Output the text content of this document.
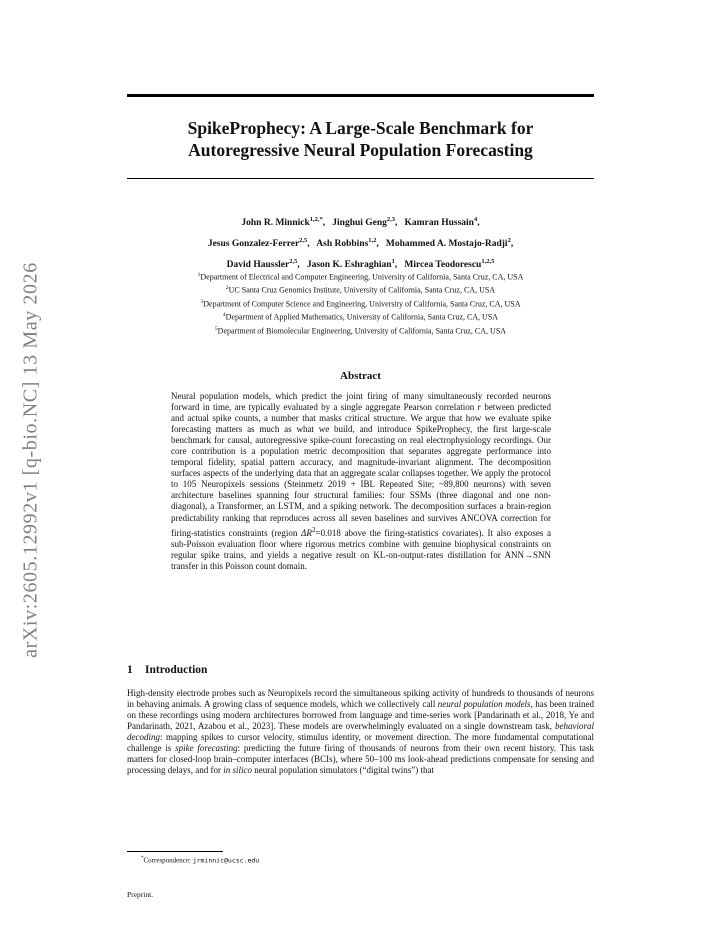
arXiv:2605.12992v1 [q-bio.NC] 13 May 2026
SpikeProphecy: A Large-Scale Benchmark for
Autoregressive Neural Population Forecasting
John R. Minnick$^{1,2,*}$,   Jinghui Geng$^{2,3}$,   Kamran Hussain$^4$,
Jesus Gonzalez-Ferrer$^{2,5}$,   Ash Robbins$^{1,2}$,   Mohammed A. Mostajo-Radji$^2$,
David Haussler$^{2,5}$,   Jason K. Eshraghian$^1$,   Mircea Teodorescu$^{1,2,5}$
$^1$Department of Electrical and Computer Engineering, University of California, Santa Cruz, CA, USA
$^2$UC Santa Cruz Genomics Institute, University of California, Santa Cruz, CA, USA
$^3$Department of Computer Science and Engineering, University of California, Santa Cruz, CA, USA
$^4$Department of Applied Mathematics, University of California, Santa Cruz, CA, USA
$^5$Department of Biomolecular Engineering, University of California, Santa Cruz, CA, USA
Abstract
Neural population models, which predict the joint firing of many simultaneously recorded neurons forward in time, are typically evaluated by a single aggregate Pearson correlation r between predicted and actual spike counts, a number that masks critical structure. We argue that how we evaluate spike forecasting matters as much as what we build, and introduce SpikeProphecy, the first large-scale benchmark for causal, autoregressive spike-count forecasting on real electrophysiology recordings. Our core contribution is a population metric decomposition that separates aggregate performance into temporal fidelity, spatial pattern accuracy, and magnitude-invariant alignment. The decomposition surfaces aspects of the underlying data that an aggregate scalar collapses together. We apply the protocol to 105 Neuropixels sessions (Steinmetz 2019 + IBL Repeated Site; ~89,800 neurons) with seven architecture baselines spanning four structural families: four SSMs (three diagonal and one non-diagonal), a Transformer, an LSTM, and a spiking network. The decomposition surfaces a brain-region predictability ranking that reproduces across all seven baselines and survives ANCOVA correction for firing-statistics constraints (region $\Delta R^2=0.018$ above the firing-statistics covariates). It also exposes a sub-Poisson evaluation floor where rigorous metrics combine with genuine biophysical constraints on regular spike trains, and yields a negative result on KL-on-output-rates distillation for ANN→SNN transfer in this Poisson count domain.
1 Introduction
High-density electrode probes such as Neuropixels record the simultaneous spiking activity of hundreds to thousands of neurons in behaving animals. A growing class of sequence models, which we collectively call neural population models, has been trained on these recordings using modern architectures borrowed from language and time-series work [Pandarinath et al., 2018, Ye and Pandarinath, 2021, Azabou et al., 2023]. These models are overwhelmingly evaluated on a single downstream task, behavioral decoding: mapping spikes to cursor velocity, stimulus identity, or movement direction. The more fundamental computational challenge is spike forecasting: predicting the future firing of thousands of neurons from their own recent history. This task matters for closed-loop brain–computer interfaces (BCIs), where 50–100 ms look-ahead predictions compensate for sensing and processing delays, and for in silico neural population simulators (“digital twins”) that
*Correspondence: jrminnic@ucsc.edu
Preprint.
